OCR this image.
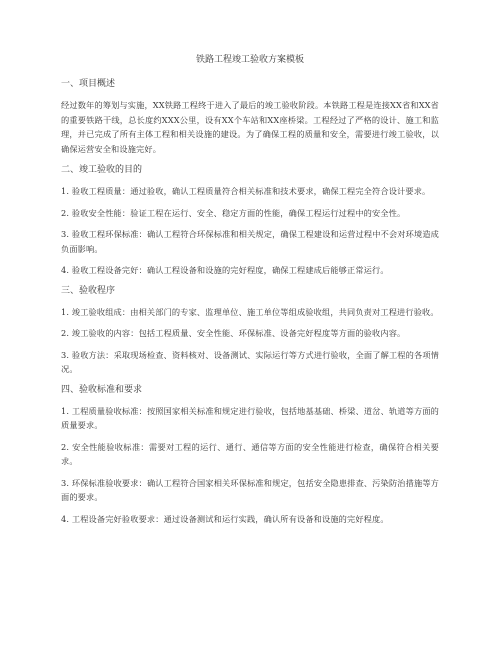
铁路工程竣工验收方案模板
一、项目概述

经过数年的筹划与实施，XX铁路工程终于进入了最后的竣工验收阶段。本铁路工程是连接XX省和XX省的重要铁路干线，总长度约XXX公里，设有XX个车站和XX座桥梁。工程经过了严格的设计、施工和监理，并已完成了所有主体工程和相关设施的建设。为了确保工程的质量和安全，需要进行竣工验收，以确保运营安全和设施完好。

二、竣工验收的目的

1. 验收工程质量：通过验收，确认工程质量符合相关标准和技术要求，确保工程完全符合设计要求。

2. 验收安全性能：验证工程在运行、安全、稳定方面的性能，确保工程运行过程中的安全性。

3. 验收工程环保标准：确认工程符合环保标准和相关规定，确保工程建设和运营过程中不会对环境造成负面影响。

4. 验收工程设备完好：确认工程设备和设施的完好程度，确保工程建成后能够正常运行。

三、验收程序

1. 竣工验收组成：由相关部门的专家、监理单位、施工单位等组成验收组，共同负责对工程进行验收。

2. 竣工验收的内容：包括工程质量、安全性能、环保标准、设备完好程度等方面的验收内容。

3. 验收方法：采取现场检查、资料核对、设备测试、实际运行等方式进行验收，全面了解工程的各项情况。

四、验收标准和要求

1. 工程质量验收标准：按照国家相关标准和规定进行验收，包括地基基础、桥梁、道岔、轨道等方面的质量要求。

2. 安全性能验收标准：需要对工程的运行、通行、通信等方面的安全性能进行检查，确保符合相关要求。

3. 环保标准验收要求：确认工程符合国家相关环保标准和规定，包括安全隐患排查、污染防治措施等方面的要求。

4. 工程设备完好验收要求：通过设备测试和运行实践，确认所有设备和设施的完好程度。
